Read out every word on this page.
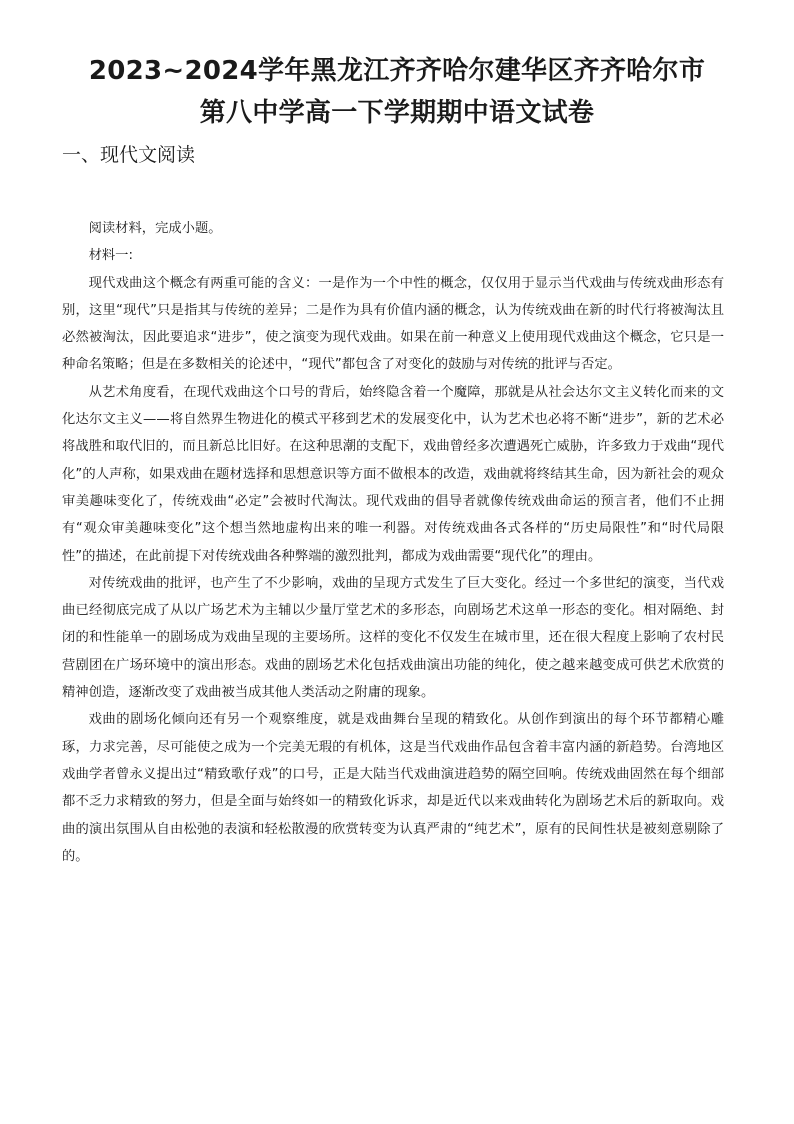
2023~2024学年黑龙江齐齐哈尔建华区齐齐哈尔市
第八中学高一下学期期中语文试卷
一、现代文阅读

阅读材料，完成小题。

材料一:

现代戏曲这个概念有两重可能的含义：一是作为一个中性的概念，仅仅用于显示当代戏曲与传统戏曲形态有别，这里“现代”只是指其与传统的差异；二是作为具有价值内涵的概念，认为传统戏曲在新的时代行将被淘汰且必然被淘汰，因此要追求“进步”，使之演变为现代戏曲。如果在前一种意义上使用现代戏曲这个概念，它只是一种命名策略；但是在多数相关的论述中，“现代”都包含了对变化的鼓励与对传统的批评与否定。

从艺术角度看，在现代戏曲这个口号的背后，始终隐含着一个魔障，那就是从社会达尔文主义转化而来的文化达尔文主义——将自然界生物进化的模式平移到艺术的发展变化中，认为艺术也必将不断“进步”，新的艺术必将战胜和取代旧的，而且新总比旧好。在这种思潮的支配下，戏曲曾经多次遭遇死亡威胁，许多致力于戏曲“现代化”的人声称，如果戏曲在题材选择和思想意识等方面不做根本的改造，戏曲就将终结其生命，因为新社会的观众审美趣味变化了，传统戏曲“必定”会被时代淘汰。现代戏曲的倡导者就像传统戏曲命运的预言者，他们不止拥有“观众审美趣味变化”这个想当然地虚构出来的唯一利器。对传统戏曲各式各样的“历史局限性”和“时代局限性”的描述，在此前提下对传统戏曲各种弊端的激烈批判，都成为戏曲需要“现代化”的理由。

对传统戏曲的批评，也产生了不少影响，戏曲的呈现方式发生了巨大变化。经过一个多世纪的演变，当代戏曲已经彻底完成了从以广场艺术为主辅以少量厅堂艺术的多形态，向剧场艺术这单一形态的变化。相对隔绝、封闭的和性能单一的剧场成为戏曲呈现的主要场所。这样的变化不仅发生在城市里，还在很大程度上影响了农村民营剧团在广场环境中的演出形态。戏曲的剧场艺术化包括戏曲演出功能的纯化，使之越来越变成可供艺术欣赏的精神创造，逐渐改变了戏曲被当成其他人类活动之附庸的现象。

戏曲的剧场化倾向还有另一个观察维度，就是戏曲舞台呈现的精致化。从创作到演出的每个环节都精心雕琢，力求完善，尽可能使之成为一个完美无瑕的有机体，这是当代戏曲作品包含着丰富内涵的新趋势。台湾地区戏曲学者曾永义提出过“精致歌仔戏”的口号，正是大陆当代戏曲演进趋势的隔空回响。传统戏曲固然在每个细部都不乏力求精致的努力，但是全面与始终如一的精致化诉求，却是近代以来戏曲转化为剧场艺术后的新取向。戏曲的演出氛围从自由松弛的表演和轻松散漫的欣赏转变为认真严肃的“纯艺术”，原有的民间性状是被刻意剔除了的。
